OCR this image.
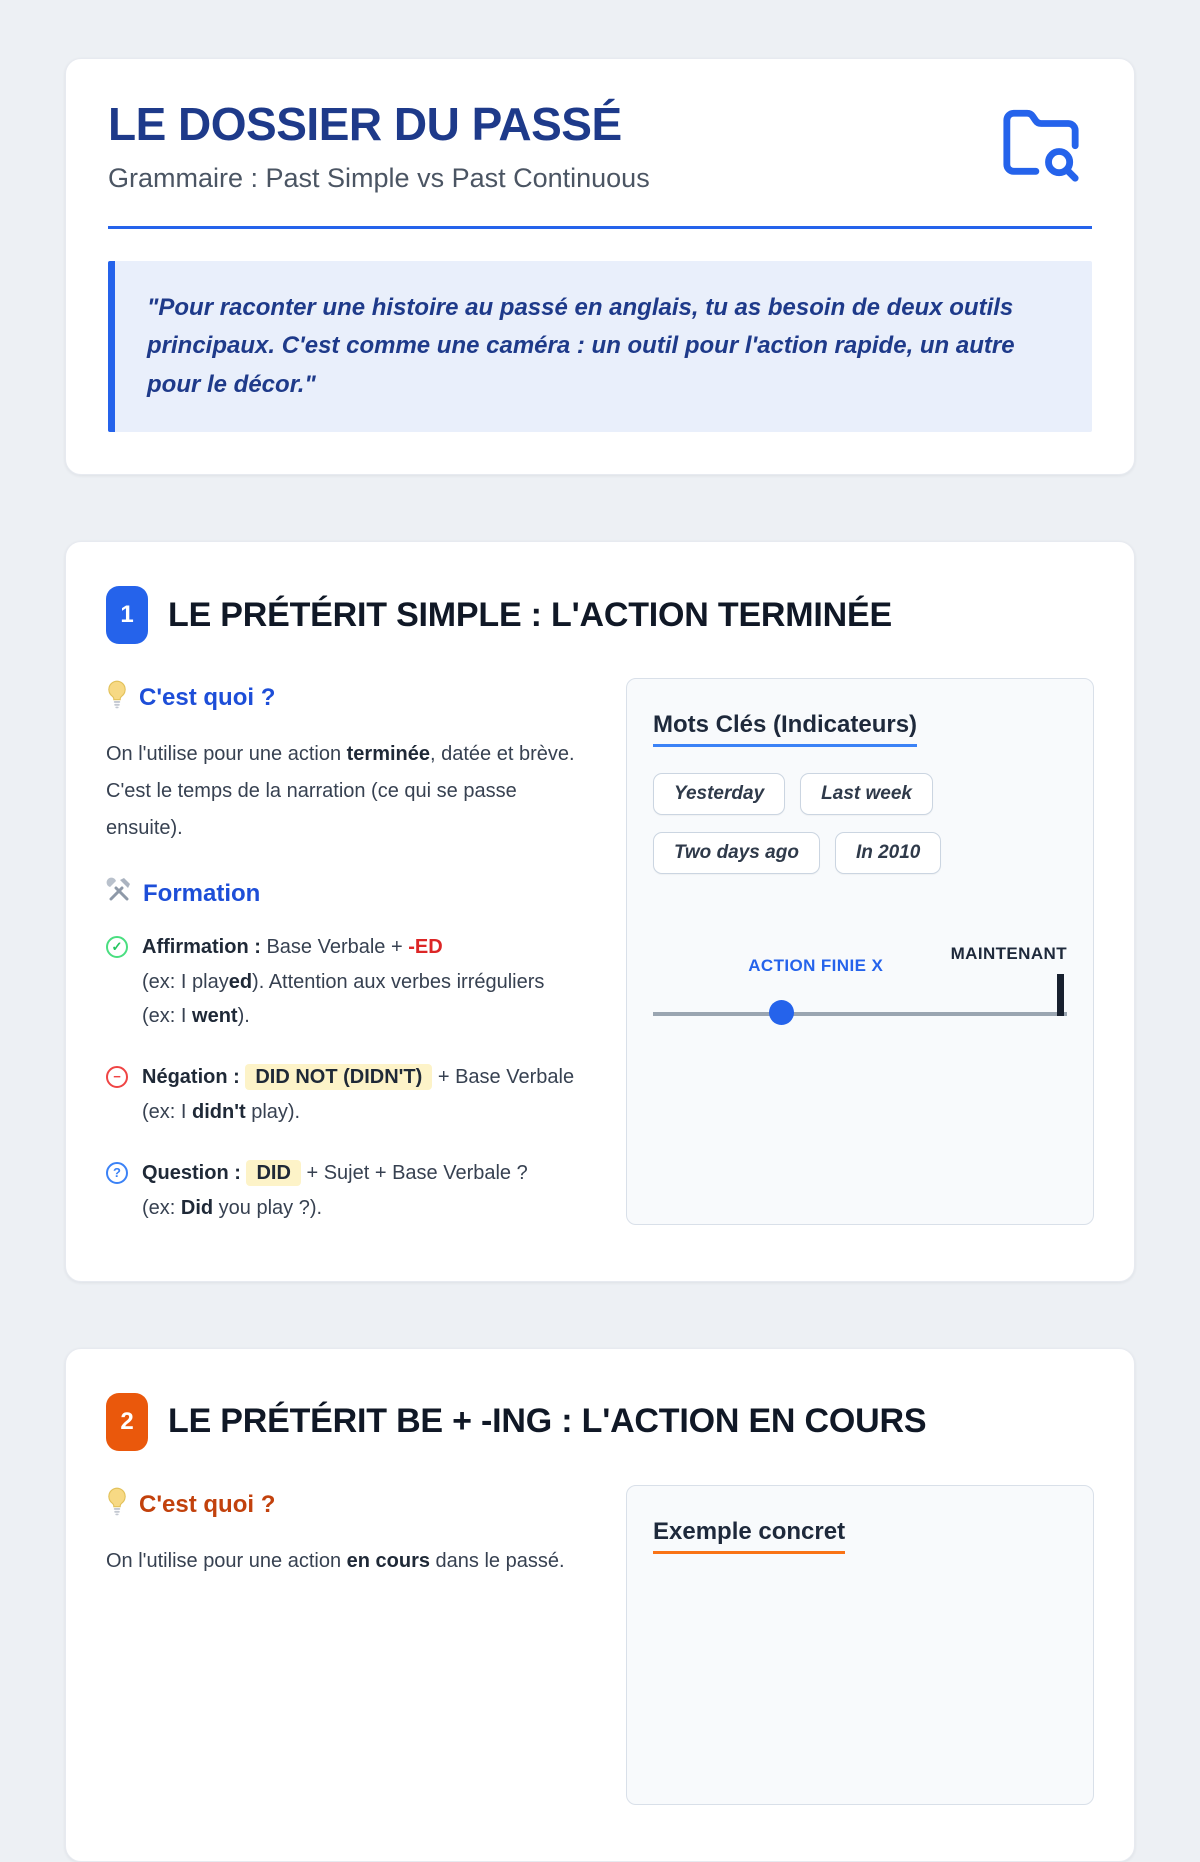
LE DOSSIER DU PASSÉ

Grammaire : Past Simple vs Past Continuous

"Pour raconter une histoire au passé en anglais, tu as besoin de deux outils principaux. C'est comme une caméra : un outil pour l'action rapide, un autre pour le décor."
1	LE PRÉTÉRIT SIMPLE : L'ACTION TERMINÉE
C'est quoi ?

On l'utilise pour une action terminée, datée et brève. C'est le temps de la narration (ce qui se passe ensuite).

Formation
✓ Affirmation : Base Verbale + -ED
(ex: I played). Attention aux verbes irréguliers (ex: I went).
−	Négation : DID NOT (DIDN'T) + Base Verbale
(ex: I didn't play).
?	Question : DID + Sujet + Base Verbale ?
(ex: Did you play ?).
Mots Clés (Indicateurs)
Yesterday	Last week
Two days ago	In 2010
ACTION FINIE X
MAINTENANT
2	LE PRÉTÉRIT BE + -ING : L'ACTION EN COURS
C'est quoi ?

On l'utilise pour une action en cours dans le passé.

Exemple concret
